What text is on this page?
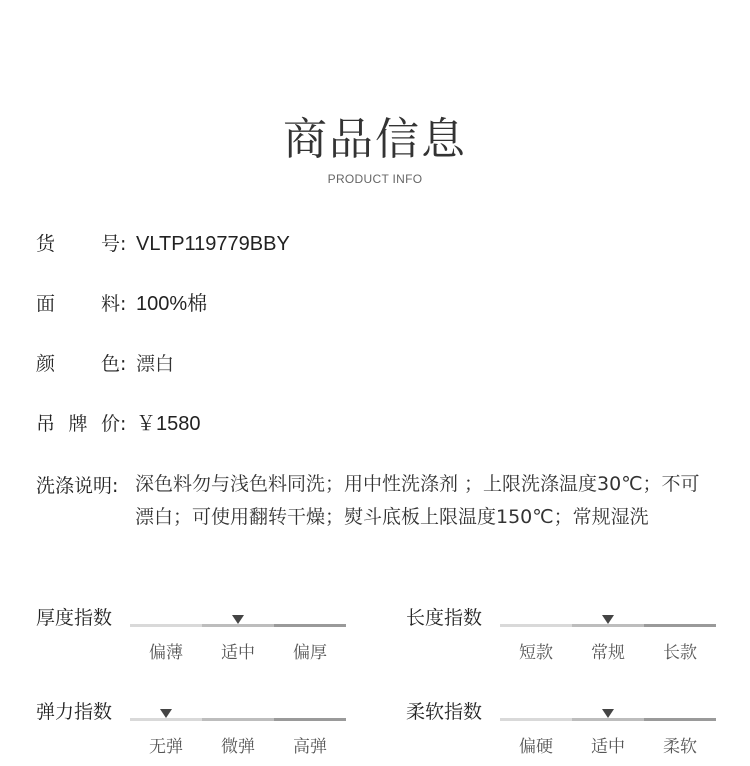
商品信息
PRODUCT INFO
货 号 : VLTP119779BBY
面 料 : 100%棉
颜 色 : 漂白
吊 牌 价 : ￥1580
洗涤说明: 深色料勿与浅色料同洗；用中性洗涤剂 ；上限洗涤温度30℃；不可漂白；可使用翻转干燥；熨斗底板上限温度150℃；常规湿洗
厚度指数
偏薄	适中	偏厚
长度指数
短款	常规	长款
弹力指数
无弹	微弹	高弹
柔软指数
偏硬	适中	柔软
